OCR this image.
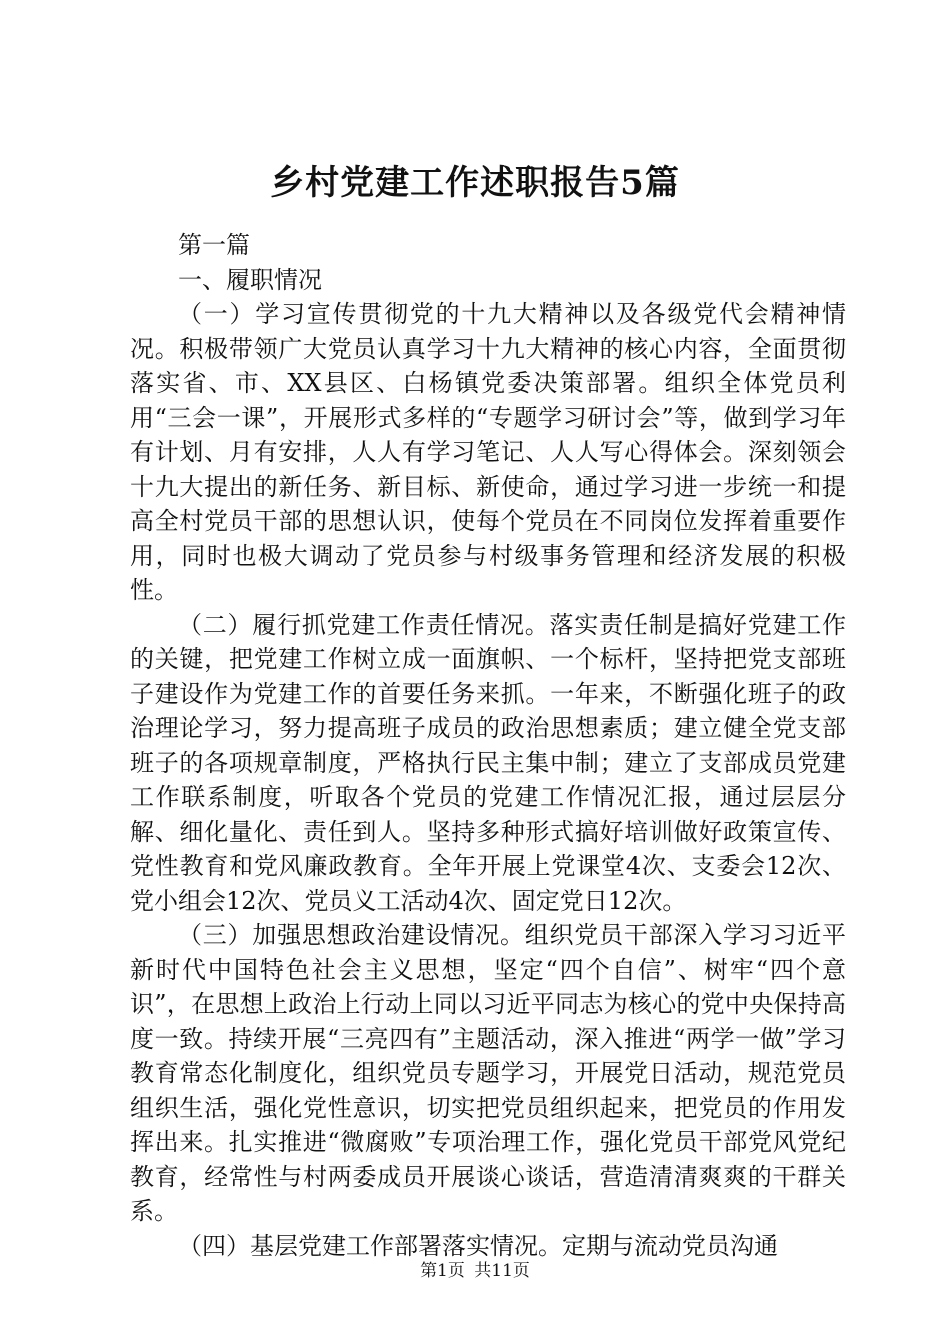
乡村党建工作述职报告5篇

第一篇

一、履职情况

（一）学习宣传贯彻党的十九大精神以及各级党代会精神情况。积极带领广大党员认真学习十九大精神的核心内容，全面贯彻落实省、市、XX县区、白杨镇党委决策部署。组织全体党员利用“三会一课”，开展形式多样的“专题学习研讨会”等，做到学习年有计划、月有安排，人人有学习笔记、人人写心得体会。深刻领会十九大提出的新任务、新目标、新使命，通过学习进一步统一和提高全村党员干部的思想认识，使每个党员在不同岗位发挥着重要作用，同时也极大调动了党员参与村级事务管理和经济发展的积极性。

（二）履行抓党建工作责任情况。落实责任制是搞好党建工作的关键，把党建工作树立成一面旗帜、一个标杆，坚持把党支部班子建设作为党建工作的首要任务来抓。一年来，不断强化班子的政治理论学习，努力提高班子成员的政治思想素质；建立健全党支部班子的各项规章制度，严格执行民主集中制；建立了支部成员党建工作联系制度，听取各个党员的党建工作情况汇报，通过层层分解、细化量化、责任到人。坚持多种形式搞好培训做好政策宣传、党性教育和党风廉政教育。全年开展上党课堂4次、支委会12次、党小组会12次、党员义工活动4次、固定党日12次。

（三）加强思想政治建设情况。组织党员干部深入学习习近平新时代中国特色社会主义思想，坚定“四个自信”、树牢“四个意识”，在思想上政治上行动上同以习近平同志为核心的党中央保持高度一致。持续开展“三亮四有”主题活动，深入推进“两学一做”学习教育常态化制度化，组织党员专题学习，开展党日活动，规范党员组织生活，强化党性意识，切实把党员组织起来，把党员的作用发挥出来。扎实推进“微腐败”专项治理工作，强化党员干部党风党纪教育，经常性与村两委成员开展谈心谈话，营造清清爽爽的干群关系。

（四）基层党建工作部署落实情况。定期与流动党员沟通

第1页 共11页
